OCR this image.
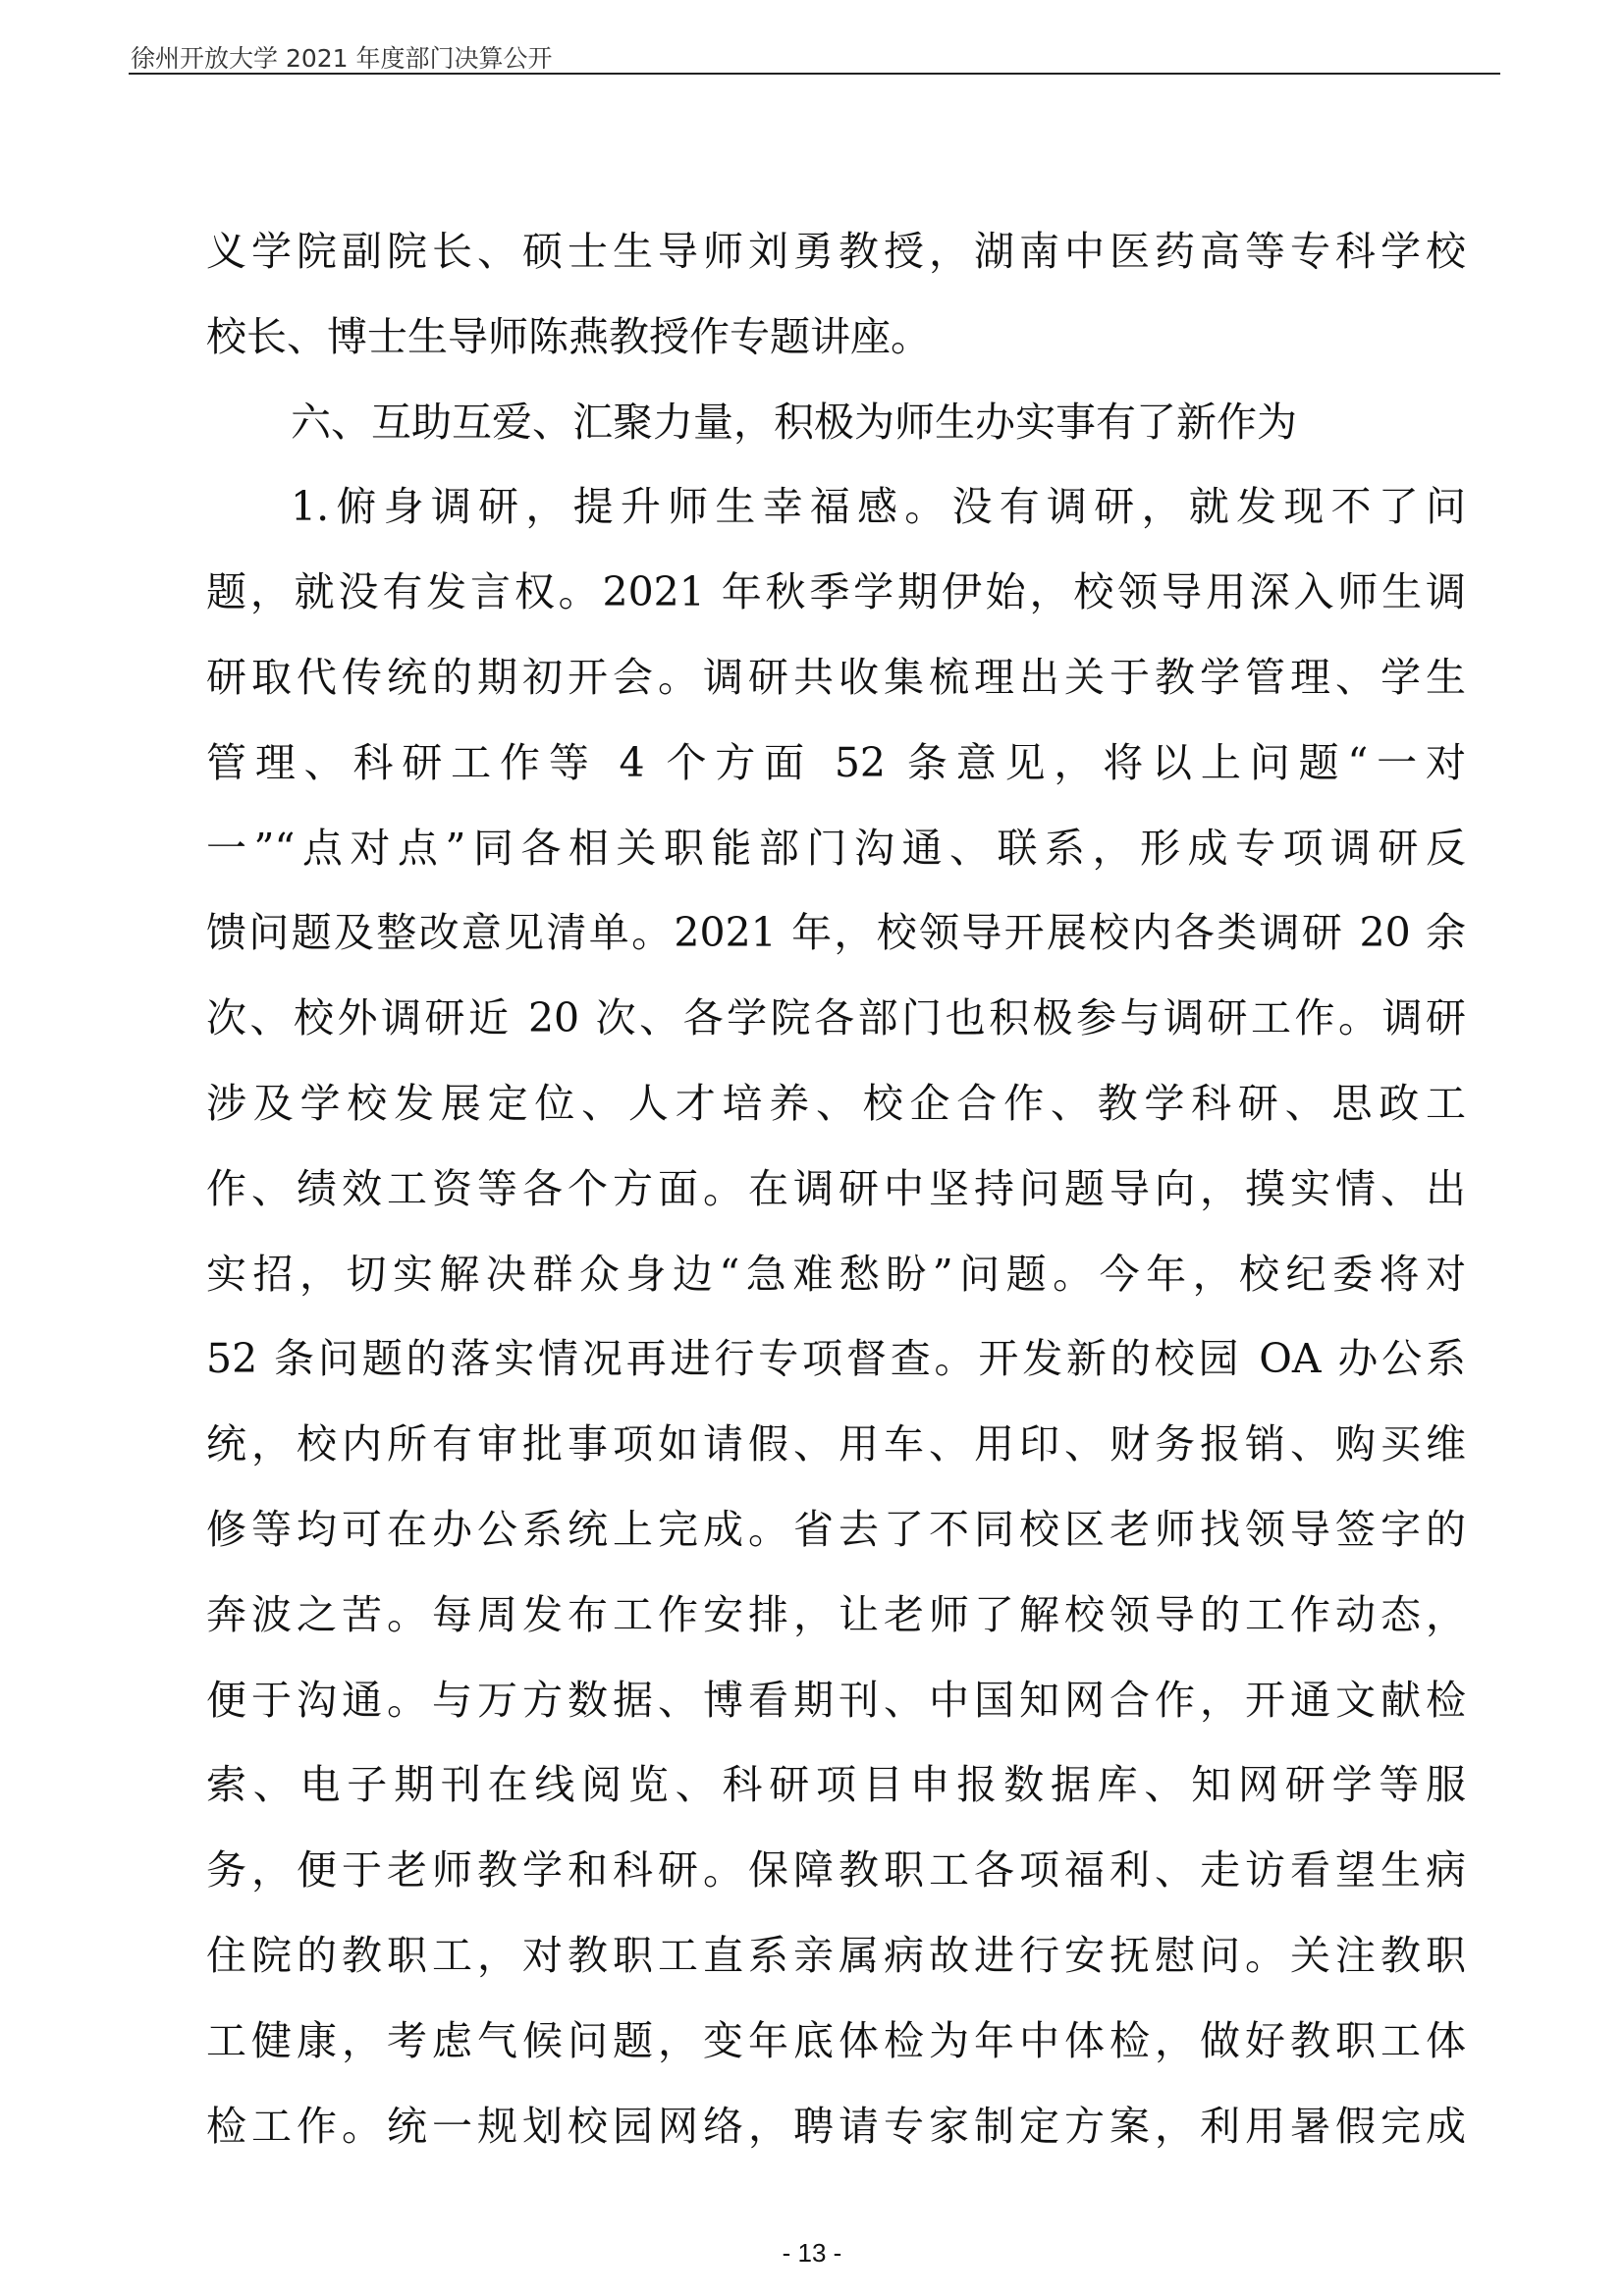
徐州开放大学 2021 年度部门决算公开
义学院副院长、硕士生导师刘勇教授，湖南中医药高等专科学校
校长、博士生导师陈燕教授作专题讲座。
六、互助互爱、汇聚力量，积极为师生办实事有了新作为
1.俯身调研，提升师生幸福感。没有调研，就发现不了问
题，就没有发言权。2021 年秋季学期伊始，校领导用深入师生调
研取代传统的期初开会。调研共收集梳理出关于教学管理、学生
管理、科研工作等 4 个方面 52 条意见，将以上问题“一对
一”“点对点”同各相关职能部门沟通、联系，形成专项调研反
馈问题及整改意见清单。2021 年，校领导开展校内各类调研 20 余
次、校外调研近 20 次、各学院各部门也积极参与调研工作。调研
涉及学校发展定位、人才培养、校企合作、教学科研、思政工
作、绩效工资等各个方面。在调研中坚持问题导向，摸实情、出
实招，切实解决群众身边“急难愁盼”问题。今年，校纪委将对
52 条问题的落实情况再进行专项督查。开发新的校园 OA 办公系
统，校内所有审批事项如请假、用车、用印、财务报销、购买维
修等均可在办公系统上完成。省去了不同校区老师找领导签字的
奔波之苦。每周发布工作安排，让老师了解校领导的工作动态，
便于沟通。与万方数据、博看期刊、中国知网合作，开通文献检
索、电子期刊在线阅览、科研项目申报数据库、知网研学等服
务，便于老师教学和科研。保障教职工各项福利、走访看望生病
住院的教职工，对教职工直系亲属病故进行安抚慰问。关注教职
工健康，考虑气候问题，变年底体检为年中体检，做好教职工体
检工作。统一规划校园网络，聘请专家制定方案，利用暑假完成
- 13 -
